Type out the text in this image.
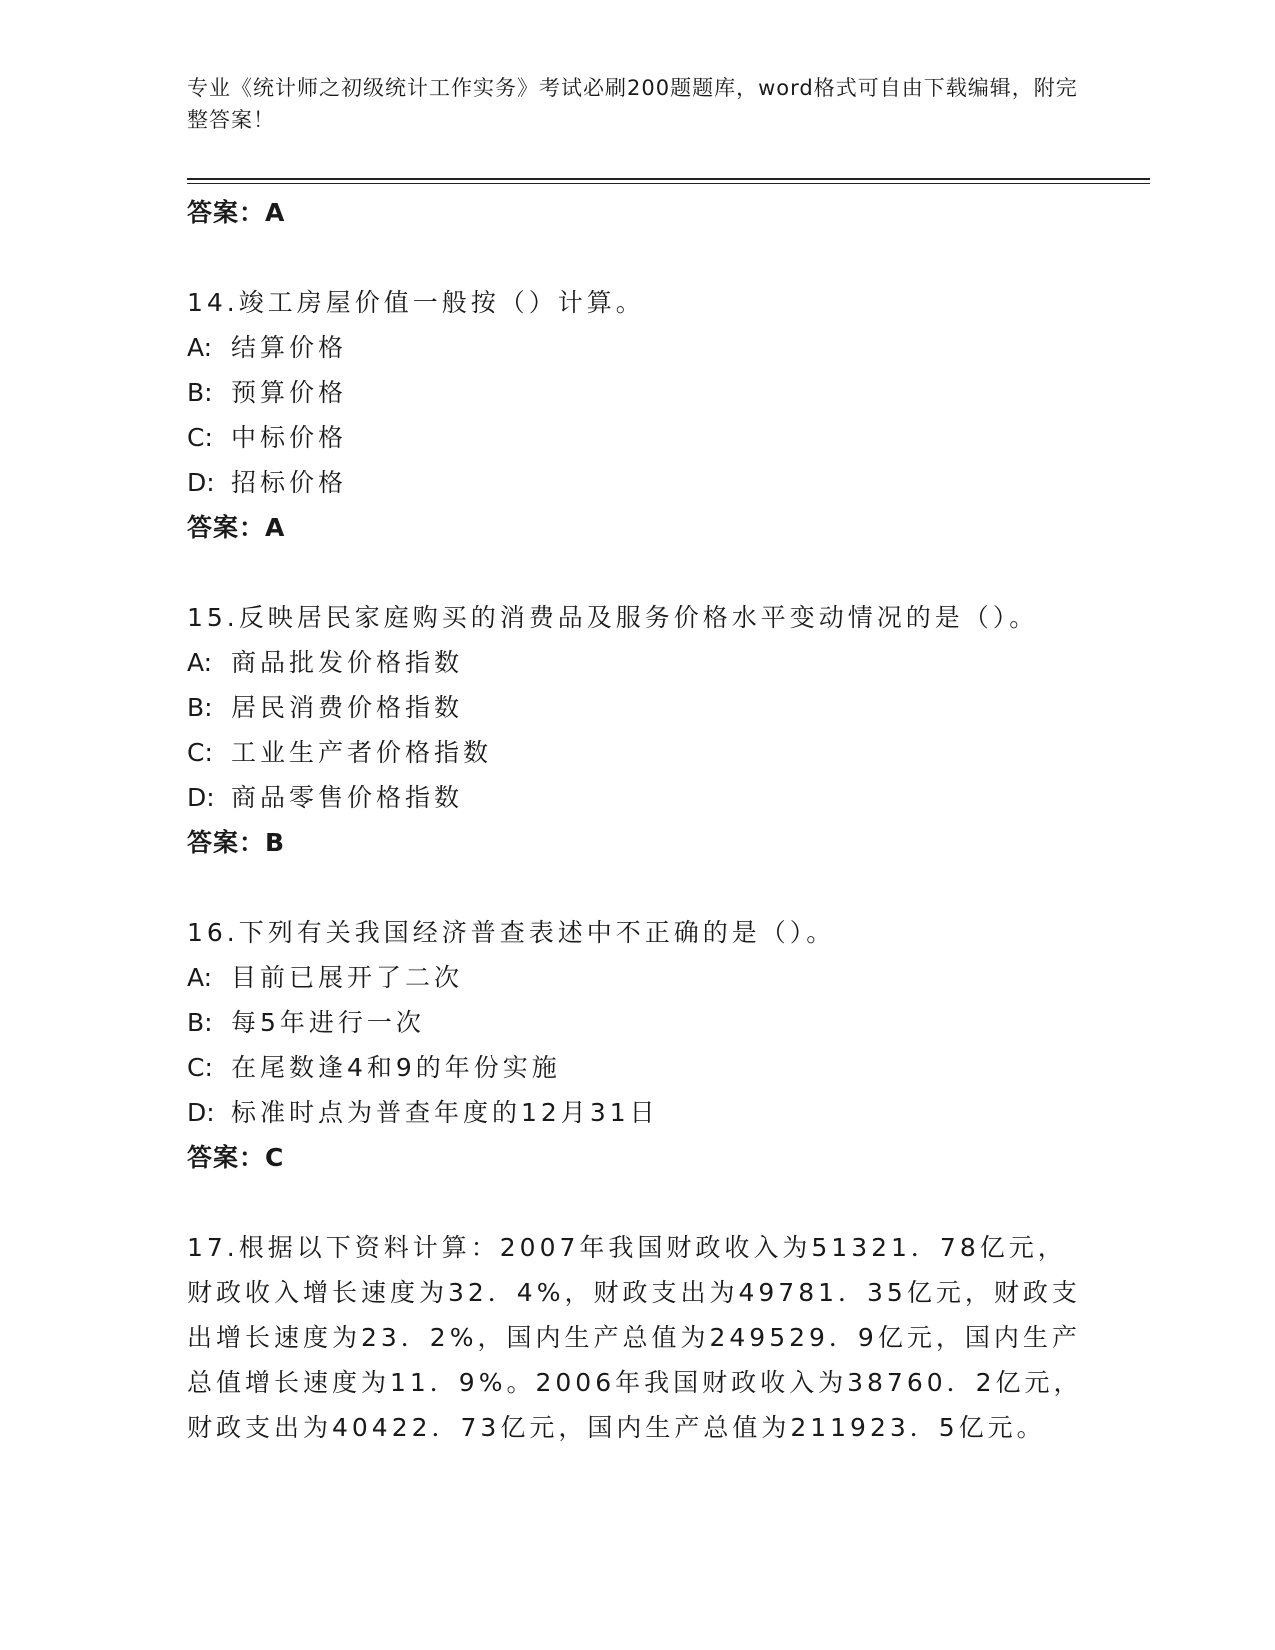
专业《统计师之初级统计工作实务》考试必刷200题题库，word格式可自由下载编辑，附完整答案！
答案：A
14.竣工房屋价值一般按（）计算。
A: 结算价格
B: 预算价格
C: 中标价格
D: 招标价格
答案：A
15.反映居民家庭购买的消费品及服务价格水平变动情况的是（）。
A: 商品批发价格指数
B: 居民消费价格指数
C: 工业生产者价格指数
D: 商品零售价格指数
答案：B
16.下列有关我国经济普查表述中不正确的是（）。
A: 目前已展开了二次
B: 每5年进行一次
C: 在尾数逢4和9的年份实施
D: 标准时点为普查年度的12月31日
答案：C
17.根据以下资料计算：2007年我国财政收入为51321．78亿元，财政收入增长速度为32．4%，财政支出为49781．35亿元，财政支出增长速度为23．2%，国内生产总值为249529．9亿元，国内生产总值增长速度为11．9%。2006年我国财政收入为38760．2亿元，财政支出为40422．73亿元，国内生产总值为211923．5亿元。
